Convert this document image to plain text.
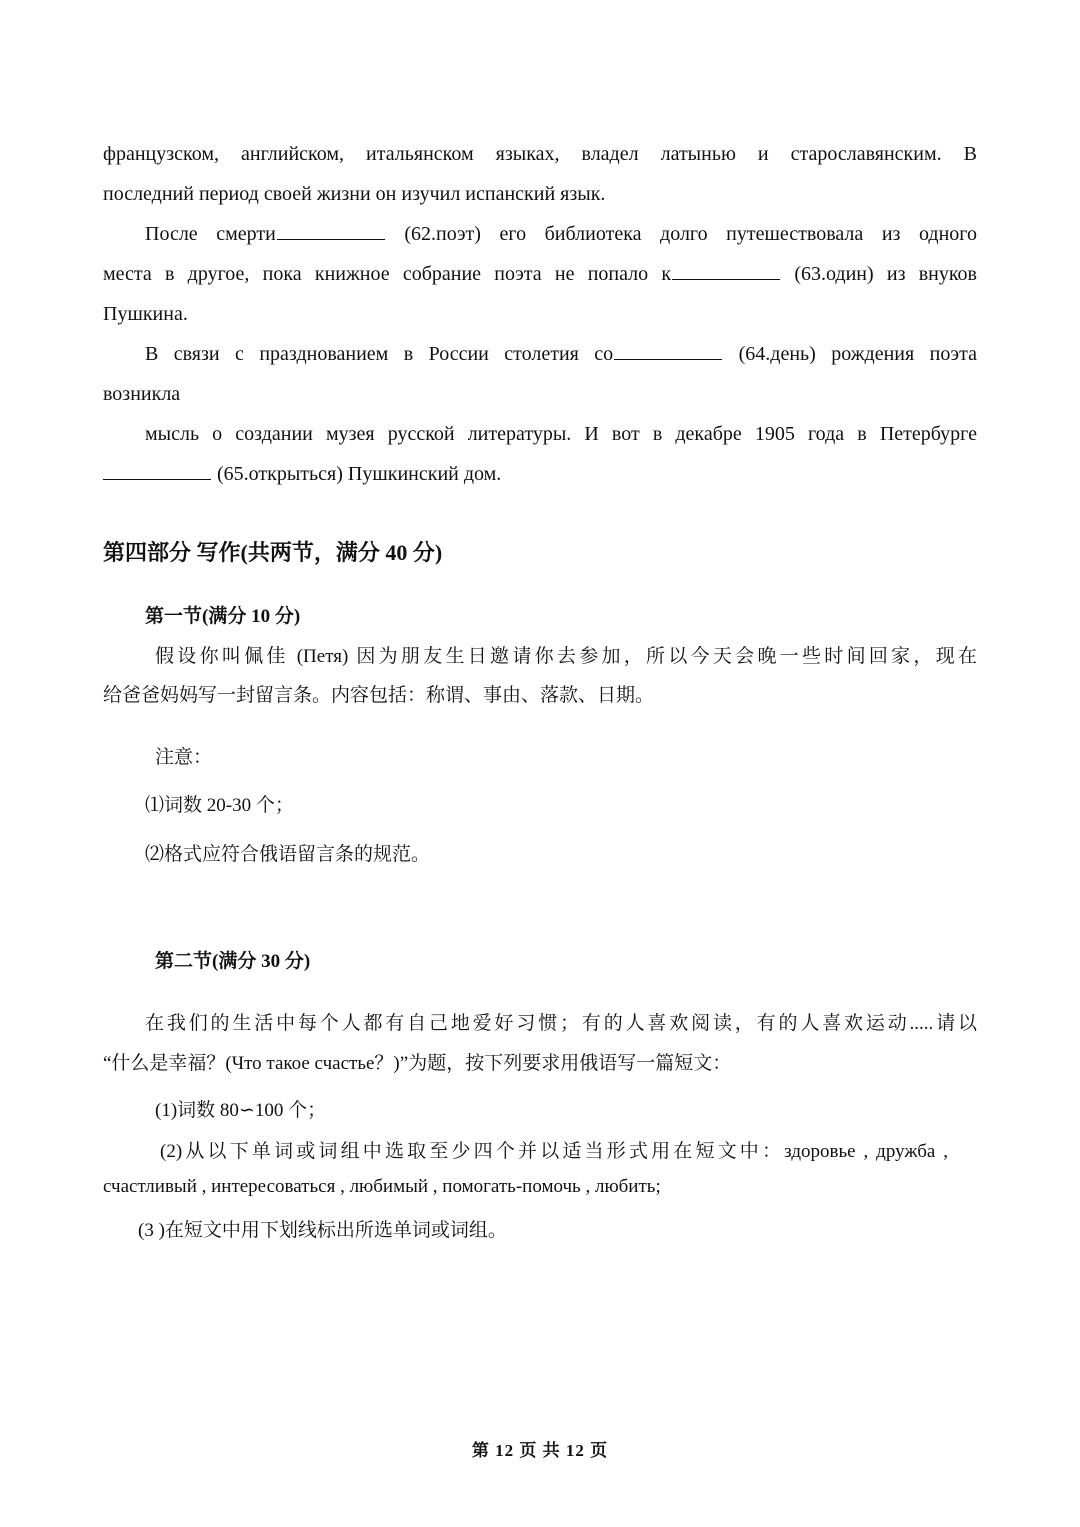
французском, английском, итальянском языках, владел латынью и старославянским. В
последний период своей жизни он изучил испанский язык.
После смерти	(62.поэт) его библиотека долго путешествовала из одного
места в другое, пока книжное собрание поэта не попало к	(63.один) из внуков
Пушкина.
В связи с празднованием в России столетия со	(64.день) рождения поэта
возникла
мысль о создании музея русской литературы. И вот в декабре 1905 года в Петербурге
(65.открыться) Пушкинский дом.
第四部分 写作(共两节，满分 40 分)
第一节(满分 10 分)
假设你叫佩佳 (Петя) 因为朋友生日邀请你去参加，所以今天会晚一些时间回家，现在
给爸爸妈妈写一封留言条。内容包括：称谓、事由、落款、日期。
注意：
⑴词数 20-30 个；
⑵格式应符合俄语留言条的规范。
第二节(满分 30 分)
在我们的生活中每个人都有自己地爱好习惯；有的人喜欢阅读，有的人喜欢运动.....请以
“什么是幸福？(Что такое счастье？)”为题，按下列要求用俄语写一篇短文：
(1)词数 80∽100 个；
(2)从以下单词或词组中选取至少四个并以适当形式用在短文中：здоровье , дружба ,
счастливый , интересоваться , любимый , помогать-помочь , любить;
(3 )在短文中用下划线标出所选单词或词组。
第 12 页 共 12 页
